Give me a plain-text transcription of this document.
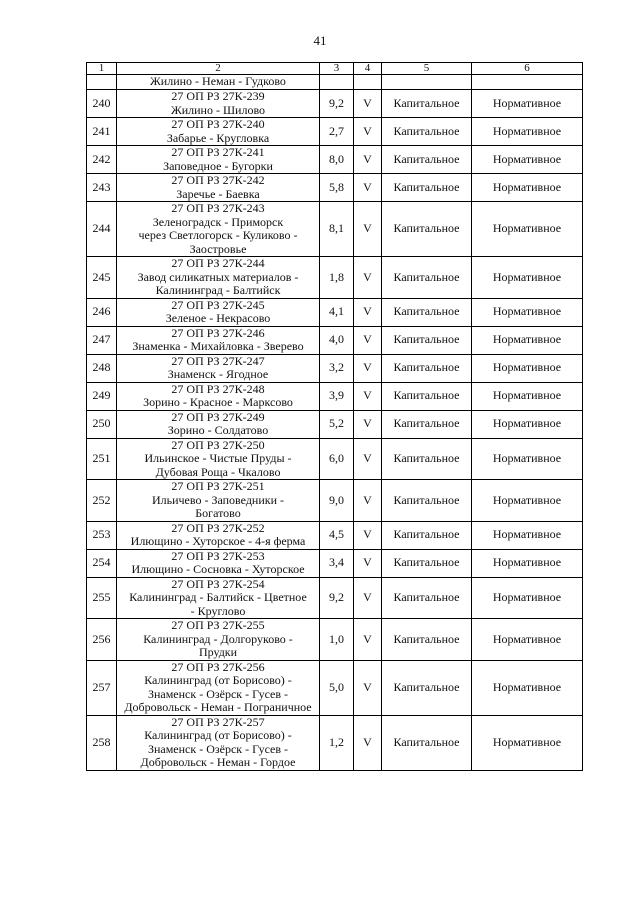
41
1	2	3	4	5	6
	Жилино - Неман - Гудково				
240	27 ОП РЗ 27К-239
Жилино - Шилово	9,2	V	Капитальное	Нормативное
241	27 ОП РЗ 27К-240
Забарье - Кругловка	2,7	V	Капитальное	Нормативное
242	27 ОП РЗ 27К-241
Заповедное - Бугорки	8,0	V	Капитальное	Нормативное
243	27 ОП РЗ 27К-242
Заречье - Баевка	5,8	V	Капитальное	Нормативное
244	27 ОП РЗ 27К-243
Зеленоградск - Приморск
через Светлогорск - Куликово -
Заостровье	8,1	V	Капитальное	Нормативное
245	27 ОП РЗ 27К-244
Завод силикатных материалов -
Калининград - Балтийск	1,8	V	Капитальное	Нормативное
246	27 ОП РЗ 27К-245
Зеленое - Некрасово	4,1	V	Капитальное	Нормативное
247	27 ОП РЗ 27К-246
Знаменка - Михайловка - Зверево	4,0	V	Капитальное	Нормативное
248	27 ОП РЗ 27К-247
Знаменск - Ягодное	3,2	V	Капитальное	Нормативное
249	27 ОП РЗ 27К-248
Зорино - Красное - Марксово	3,9	V	Капитальное	Нормативное
250	27 ОП РЗ 27К-249
Зорино - Солдатово	5,2	V	Капитальное	Нормативное
251	27 ОП РЗ 27К-250
Ильинское - Чистые Пруды -
Дубовая Роща - Чкалово	6,0	V	Капитальное	Нормативное
252	27 ОП РЗ 27К-251
Ильичево - Заповедники -
Богатово	9,0	V	Капитальное	Нормативное
253	27 ОП РЗ 27К-252
Илющино - Хуторское - 4-я ферма	4,5	V	Капитальное	Нормативное
254	27 ОП РЗ 27К-253
Илющино - Сосновка - Хуторское	3,4	V	Капитальное	Нормативное
255	27 ОП РЗ 27К-254
Калининград - Балтийск - Цветное
- Круглово	9,2	V	Капитальное	Нормативное
256	27 ОП РЗ 27К-255
Калининград - Долгоруково -
Прудки	1,0	V	Капитальное	Нормативное
257	27 ОП РЗ 27К-256
Калининград (от Борисово) -
Знаменск - Озёрск - Гусев -
Добровольск - Неман - Пограничное	5,0	V	Капитальное	Нормативное
258	27 ОП РЗ 27К-257
Калининград (от Борисово) -
Знаменск - Озёрск - Гусев -
Добровольск - Неман - Гордое	1,2	V	Капитальное	Нормативное
